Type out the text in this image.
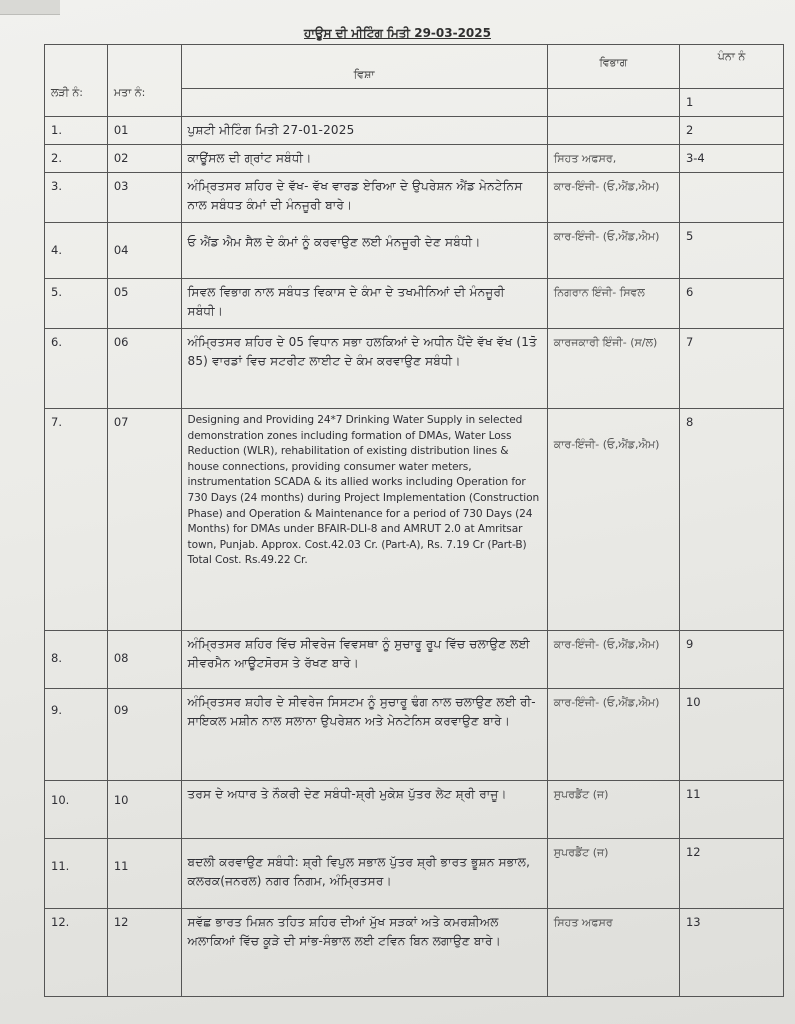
ਹਾਊਸ ਦੀ ਮੀਟਿੰਗ ਮਿਤੀ 29-03-2025
ਲੜੀ ਨੰ:	ਮਤਾ ਨੰ:	ਵਿਸ਼ਾ	ਵਿਭਾਗ	ਪੰਨਾ ਨੰ
				1
1.	01	ਪੁਸ਼ਟੀ ਮੀਟਿੰਗ ਮਿਤੀ 27-01-2025		2
2.	02	ਕਾਊਂਸਲ ਦੀ ਗ੍ਰਾਂਟ ਸਬੰਧੀ।	ਸਿਹਤ ਅਫਸਰ,	3-4
3.	03	ਅੰਮ੍ਰਿਤਸਰ ਸ਼ਹਿਰ ਦੇ ਵੱਖ- ਵੱਖ ਵਾਰਡ ਏਰਿਆ ਦੇ ਉਪਰੇਸ਼ਨ ਐਂਡ ਮੇਨਟੇਨਿਸ ਨਾਲ ਸਬੰਧਤ ਕੰਮਾਂ ਦੀ ਮੰਨਜੂਰੀ ਬਾਰੇ।	ਕਾਰ-ਇੰਜੀ- (ਓ,ਐਂਡ,ਐਮ)	
4.	04	ਓ ਐਂਡ ਐਮ ਸੈਲ ਦੇ ਕੰਮਾਂ ਨੂੰ ਕਰਵਾਉਣ ਲਈ ਮੰਨਜੂਰੀ ਦੇਣ ਸਬੰਧੀ।	ਕਾਰ-ਇੰਜੀ- (ਓ,ਐਂਡ,ਐਮ)	5
5.	05	ਸਿਵਲ ਵਿਭਾਗ ਨਾਲ ਸਬੰਧਤ ਵਿਕਾਸ ਦੇ ਕੰਮਾ ਦੇ ਤਖਮੀਨਿਆਂ ਦੀ ਮੰਨਜੂਰੀ ਸਬੰਧੀ।	ਨਿਗਰਾਨ ਇੰਜੀ- ਸਿਵਲ	6
6.	06	ਅੰਮ੍ਰਿਤਸਰ ਸ਼ਹਿਰ ਦੇ 05 ਵਿਧਾਨ ਸਭਾ ਹਲਕਿਆਂ ਦੇ ਅਧੀਨ ਪੈਂਦੇ ਵੱਖ ਵੱਖ (1ਤੋ 85) ਵਾਰਡਾਂ ਵਿਚ ਸਟਰੀਟ ਲਾਈਟ ਦੇ ਕੰਮ ਕਰਵਾਉਣ ਸਬੰਧੀ।	ਕਾਰਜਕਾਰੀ ਇੰਜੀ- (ਸ/ਲ)	7
7.	07	Designing and Providing 24*7 Drinking Water Supply in selected demonstration zones including formation of DMAs, Water Loss Reduction (WLR), rehabilitation of existing distribution lines & house connections, providing consumer water meters, instrumentation SCADA & its allied works including Operation for 730 Days (24 months) during Project Implementation (Construction Phase) and Operation & Maintenance for a period of 730 Days (24 Months) for DMAs under BFAIR-DLI-8 and AMRUT 2.0 at Amritsar town, Punjab. Approx. Cost.42.03 Cr. (Part-A), Rs. 7.19 Cr (Part-B) Total Cost. Rs.49.22 Cr.	ਕਾਰ-ਇੰਜੀ- (ਓ,ਐਂਡ,ਐਮ)	8
8.	08	ਅੰਮ੍ਰਿਤਸਰ ਸ਼ਹਿਰ ਵਿੱਚ ਸੀਵਰੇਜ ਵਿਵਸਥਾ ਨੂੰ ਸੁਚਾਰੂ ਰੂਪ ਵਿੱਚ ਚਲਾਉਣ ਲਈ ਸੀਵਰਮੈਨ ਆਊਟਸੋਰਸ ਤੇ ਰੱਖਣ ਬਾਰੇ।	ਕਾਰ-ਇੰਜੀ- (ਓ,ਐਂਡ,ਐਮ)	9
9.	09	ਅੰਮ੍ਰਿਤਸਰ ਸ਼ਹੀਰ ਦੇ ਸੀਵਰੇਜ ਸਿਸਟਮ ਨੂੰ ਸੁਚਾਰੂ ਢੰਗ ਨਾਲ ਚਲਾਉਣ ਲਈ ਰੀ-ਸਾਇਕਲ ਮਸ਼ੀਨ ਨਾਲ ਸਲਾਨਾ ਉਪਰੇਸ਼ਨ ਅਤੇ ਮੇਨਟੇਨਿਸ ਕਰਵਾਉਣ ਬਾਰੇ।	ਕਾਰ-ਇੰਜੀ- (ਓ,ਐਂਡ,ਐਮ)	10
10.	10	ਤਰਸ ਦੇ ਅਧਾਰ ਤੇ ਨੌਕਰੀ ਦੇਣ ਸਬੰਧੀ-ਸ਼੍ਰੀ ਮੁਕੇਸ਼ ਪੁੱਤਰ ਲੇਟ ਸ਼੍ਰੀ ਰਾਜੂ।	ਸੁਪਰਡੈਂਟ (ਜ)	11
11.	11	ਬਦਲੀ ਕਰਵਾਉਣ ਸਬੰਧੀ: ਸ਼੍ਰੀ ਵਿਪੁਲ ਸਭਾਲ ਪੁੱਤਰ ਸ਼੍ਰੀ ਭਾਰਤ ਭੂਸ਼ਨ ਸਭਾਲ, ਕਲਰਕ(ਜਨਰਲ) ਨਗਰ ਨਿਗਮ, ਅੰਮ੍ਰਿਤਸਰ।	ਸੁਪਰਡੈਂਟ (ਜ)	12
12.	12	ਸਵੱਛ ਭਾਰਤ ਮਿਸ਼ਨ ਤਹਿਤ ਸ਼ਹਿਰ ਦੀਆਂ ਮੁੱਖ ਸੜਕਾਂ ਅਤੇ ਕਮਰਸ਼ੀਅਲ ਅਲਾਕਿਆਂ ਵਿੱਚ ਕੂੜੇ ਦੀ ਸਾਂਭ-ਸੰਭਾਲ ਲਈ ਟਵਿਨ ਬਿਨ ਲਗਾਉਣ ਬਾਰੇ।	ਸਿਹਤ ਅਫਸਰ	13
